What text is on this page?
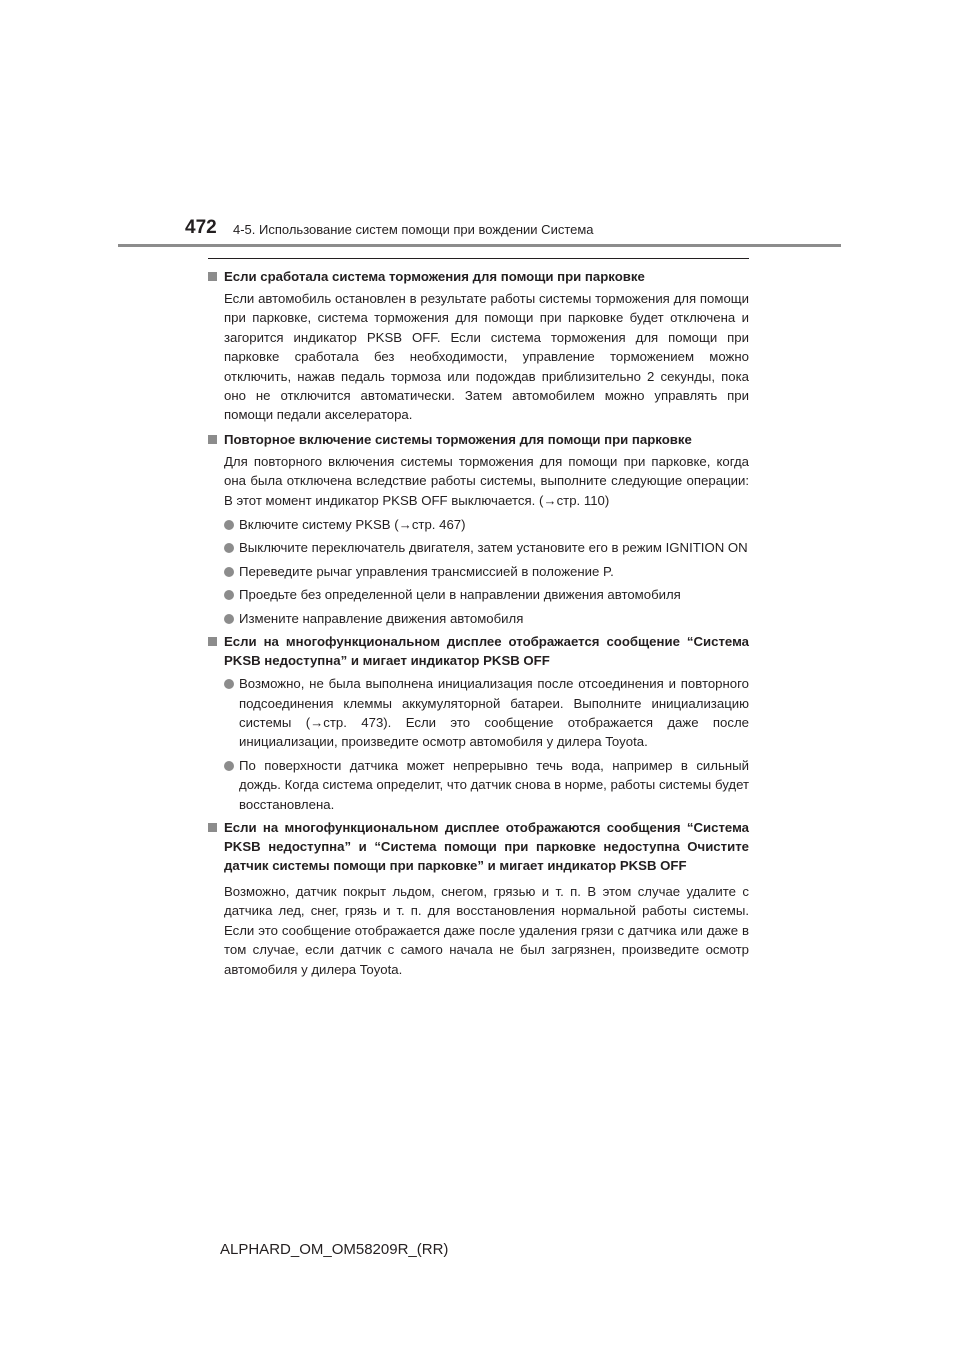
472 4-5. Использование систем помощи при вождении Система
Если сработала система торможения для помощи при парковке
Если автомобиль остановлен в результате работы системы торможения для помощи при парковке, система торможения для помощи при парковке будет отключена и загорится индикатор PKSB OFF. Если система торможения для помощи при парковке сработала без необходимости, управление торможением можно отключить, нажав педаль тормоза или подождав приблизительно 2 секунды, пока оно не отключится автоматически. Затем автомобилем можно управлять при помощи педали акселератора.
Повторное включение системы торможения для помощи при парковке
Для повторного включения системы торможения для помощи при парковке, когда она была отключена вследствие работы системы, выполните следующие операции: В этот момент индикатор PKSB OFF выключается. (→стр. 110)
Включите систему PKSB (→стр. 467)
Выключите переключатель двигателя, затем установите его в режим IGNITION ON
Переведите рычаг управления трансмиссией в положение P.
Проедьте без определенной цели в направлении движения автомобиля
Измените направление движения автомобиля
Если на многофункциональном дисплее отображается сообщение “Система PKSB недоступна” и мигает индикатор PKSB OFF
Возможно, не была выполнена инициализация после отсоединения и повторного подсоединения клеммы аккумуляторной батареи. Выполните инициализацию системы (→стр. 473). Если это сообщение отображается даже после инициализации, произведите осмотр автомобиля у дилера Toyota.
По поверхности датчика может непрерывно течь вода, например в сильный дождь. Когда система определит, что датчик снова в норме, работы системы будет восстановлена.
Если на многофункциональном дисплее отображаются сообщения “Система PKSB недоступна” и “Система помощи при парковке недоступна Очистите датчик системы помощи при парковке” и мигает индикатор PKSB OFF
Возможно, датчик покрыт льдом, снегом, грязью и т. п. В этом случае удалите с датчика лед, снег, грязь и т. п. для восстановления нормальной работы системы. Если это сообщение отображается даже после удаления грязи с датчика или даже в том случае, если датчик с самого начала не был загрязнен, произведите осмотр автомобиля у дилера Toyota.
ALPHARD_OM_OM58209R_(RR)
